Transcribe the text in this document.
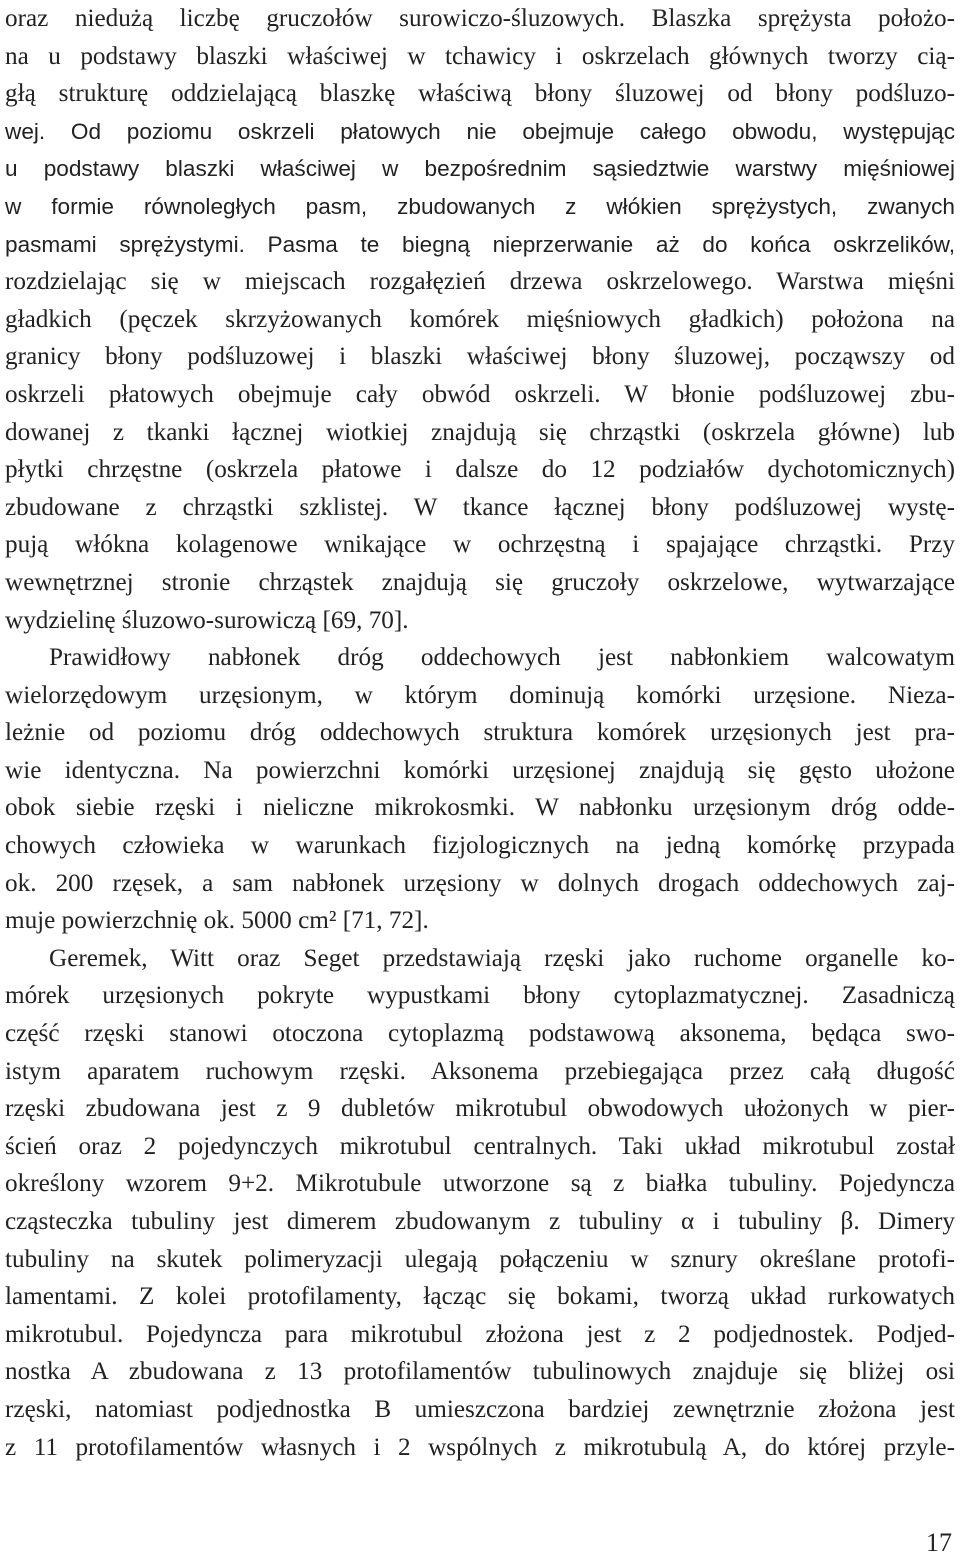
oraz niedużą liczbę gruczołów surowiczo-śluzowych. Blaszka sprężysta położo-
na u podstawy blaszki właściwej w tchawicy i oskrzelach głównych tworzy cią-
głą strukturę oddzielającą blaszkę właściwą błony śluzowej od błony podśluzo-
wej. Od poziomu oskrzeli płatowych nie obejmuje całego obwodu, występując
u podstawy blaszki właściwej w bezpośrednim sąsiedztwie warstwy mięśniowej
w formie równoległych pasm, zbudowanych z włókien sprężystych, zwanych
pasmami sprężystymi. Pasma te biegną nieprzerwanie aż do końca oskrzelików,
rozdzielając się w miejscach rozgałęzień drzewa oskrzelowego. Warstwa mięśni
gładkich (pęczek skrzyżowanych komórek mięśniowych gładkich) położona na
granicy błony podśluzowej i blaszki właściwej błony śluzowej, począwszy od
oskrzeli płatowych obejmuje cały obwód oskrzeli. W błonie podśluzowej zbu-
dowanej z tkanki łącznej wiotkiej znajdują się chrząstki (oskrzela główne) lub
płytki chrzęstne (oskrzela płatowe i dalsze do 12 podziałów dychotomicznych)
zbudowane z chrząstki szklistej. W tkance łącznej błony podśluzowej wystę-
pują włókna kolagenowe wnikające w ochrzęstną i spajające chrząstki. Przy
wewnętrznej stronie chrząstek znajdują się gruczoły oskrzelowe, wytwarzające
wydzielinę śluzowo-surowiczą [69, 70].
Prawidłowy nabłonek dróg oddechowych jest nabłonkiem walcowatym
wielorzędowym urzęsionym, w którym dominują komórki urzęsione. Nieza-
leżnie od poziomu dróg oddechowych struktura komórek urzęsionych jest pra-
wie identyczna. Na powierzchni komórki urzęsionej znajdują się gęsto ułożone
obok siebie rzęski i nieliczne mikrokosmki. W nabłonku urzęsionym dróg odde-
chowych człowieka w warunkach fizjologicznych na jedną komórkę przypada
ok. 200 rzęsek, a sam nabłonek urzęsiony w dolnych drogach oddechowych zaj-
muje powierzchnię ok. 5000 cm² [71, 72].
Geremek, Witt oraz Seget przedstawiają rzęski jako ruchome organelle ko-
mórek urzęsionych pokryte wypustkami błony cytoplazmatycznej. Zasadniczą
część rzęski stanowi otoczona cytoplazmą podstawową aksonema, będąca swo-
istym aparatem ruchowym rzęski. Aksonema przebiegająca przez całą długość
rzęski zbudowana jest z 9 dubletów mikrotubul obwodowych ułożonych w pier-
ścień oraz 2 pojedynczych mikrotubul centralnych. Taki układ mikrotubul został
określony wzorem 9+2. Mikrotubule utworzone są z białka tubuliny. Pojedyncza
cząsteczka tubuliny jest dimerem zbudowanym z tubuliny α i tubuliny β. Dimery
tubuliny na skutek polimeryzacji ulegają połączeniu w sznury określane protofi-
lamentami. Z kolei protofilamenty, łącząc się bokami, tworzą układ rurkowatych
mikrotubul. Pojedyncza para mikrotubul złożona jest z 2 podjednostek. Podjed-
nostka A zbudowana z 13 protofilamentów tubulinowych znajduje się bliżej osi
rzęski, natomiast podjednostka B umieszczona bardziej zewnętrznie złożona jest
z 11 protofilamentów własnych i 2 wspólnych z mikrotubulą A, do której przyle-
17
